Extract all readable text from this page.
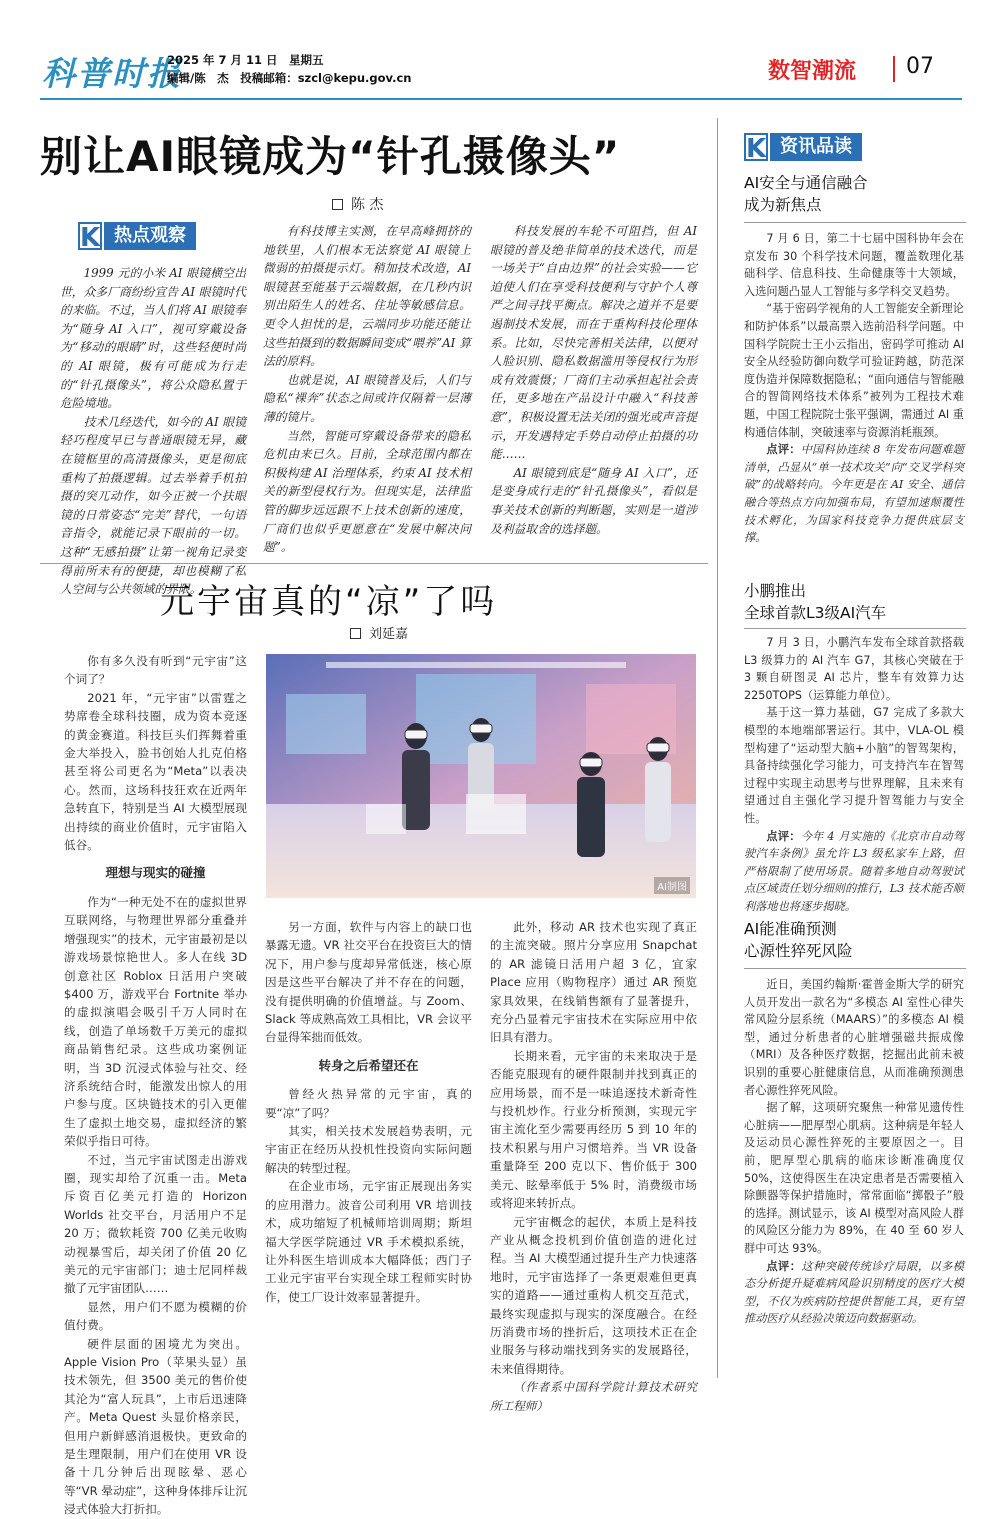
科普时报
2025 年 7 月 11 日　星期五
编辑/陈　杰　投稿邮箱：szcl@kepu.gov.cn	数智潮流 07
别让AI眼镜成为“针孔摄像头”
陈 杰
K 热点观察

1999 元的小米 AI 眼镜横空出世，众多厂商纷纷宣告 AI 眼镜时代的来临。不过，当人们将 AI 眼镜奉为“随身 AI 入口”，视可穿戴设备为“移动的眼睛”时，这些轻便时尚的 AI 眼镜，极有可能成为行走的“针孔摄像头”，将公众隐私置于危险境地。

技术几经迭代，如今的 AI 眼镜轻巧程度早已与普通眼镜无异，藏在镜框里的高清摄像头，更是彻底重构了拍摄逻辑。过去举着手机拍摄的突兀动作，如今正被一个扶眼镜的日常姿态“完美”替代，一句语音指令，就能记录下眼前的一切。这种“无感拍摄”让第一视角记录变得前所未有的便捷，却也模糊了私人空间与公共领域的界限。

有科技博主实测，在早高峰拥挤的地铁里，人们根本无法察觉 AI 眼镜上微弱的拍摄提示灯。稍加技术改造，AI 眼镜甚至能基于云端数据，在几秒内识别出陌生人的姓名、住址等敏感信息。更令人担忧的是，云端同步功能还能让这些拍摄到的数据瞬间变成“喂养”AI 算法的原料。

也就是说，AI 眼镜普及后，人们与隐私“裸奔”状态之间或许仅隔着一层薄薄的镜片。

当然，智能可穿戴设备带来的隐私危机由来已久。目前，全球范围内都在积极构建 AI 治理体系，约束 AI 技术相关的新型侵权行为。但现实是，法律监管的脚步远远跟不上技术创新的速度，厂商们也似乎更愿意在“发展中解决问题”。

科技发展的车轮不可阻挡，但 AI 眼镜的普及绝非简单的技术迭代，而是一场关于“自由边界”的社会实验——它迫使人们在享受科技便利与守护个人尊严之间寻找平衡点。解决之道并不是要遏制技术发展，而在于重构科技伦理体系。比如，尽快完善相关法律，以便对人脸识别、隐私数据滥用等侵权行为形成有效震慑；厂商们主动承担起社会责任，更多地在产品设计中融入“科技善意”，积极设置无法关闭的强光或声音提示，开发遇特定手势自动停止拍摄的功能……

AI 眼镜到底是“随身 AI 入口”，还是变身成行走的“针孔摄像头”，看似是事关技术创新的判断题，实则是一道涉及利益取舍的选择题。

元宇宙真的“凉”了吗
刘延嘉
AI制图

你有多久没有听到“元宇宙”这个词了？

2021 年，“元宇宙”以雷霆之势席卷全球科技圈，成为资本竞逐的黄金赛道。科技巨头们挥舞着重金大举投入，脸书创始人扎克伯格甚至将公司更名为“Meta”以表决心。然而，这场科技狂欢在近两年急转直下，特别是当 AI 大模型展现出持续的商业价值时，元宇宙陷入低谷。

理想与现实的碰撞

作为“一种无处不在的虚拟世界互联网络，与物理世界部分重叠并增强现实”的技术，元宇宙最初是以游戏场景惊艳世人。多人在线 3D 创意社区 Roblox 日活用户突破 $400 万，游戏平台 Fortnite 举办的虚拟演唱会吸引千万人同时在线，创造了单场数千万美元的虚拟商品销售纪录。这些成功案例证明，当 3D 沉浸式体验与社交、经济系统结合时，能激发出惊人的用户参与度。区块链技术的引入更催生了虚拟土地交易，虚拟经济的繁荣似乎指日可待。

不过，当元宇宙试图走出游戏圈，现实却给了沉重一击。Meta 斥资百亿美元打造的 Horizon Worlds 社交平台，月活用户不足 20 万；微软耗资 700 亿美元收购动视暴雪后，却关闭了价值 20 亿美元的元宇宙部门；迪士尼同样裁撤了元宇宙团队……

显然，用户们不愿为模糊的价值付费。

硬件层面的困境尤为突出。Apple Vision Pro（苹果头显）虽技术领先，但 3500 美元的售价使其沦为“富人玩具”，上市后迅速降产。Meta Quest 头显价格亲民，但用户新鲜感消退极快。更致命的是生理限制，用户们在使用 VR 设备十几分钟后出现眩晕、恶心等“VR 晕动症”，这种身体排斥让沉浸式体验大打折扣。

另一方面，软件与内容上的缺口也暴露无遗。VR 社交平台在投资巨大的情况下，用户参与度却异常低迷，核心原因是这些平台解决了并不存在的问题，没有提供明确的价值增益。与 Zoom、Slack 等成熟高效工具相比，VR 会议平台显得笨拙而低效。

转身之后希望还在

曾经火热异常的元宇宙，真的要“凉”了吗？

其实，相关技术发展趋势表明，元宇宙正在经历从投机性投资向实际问题解决的转型过程。

在企业市场，元宇宙正展现出务实的应用潜力。波音公司利用 VR 培训技术，成功缩短了机械师培训周期；斯坦福大学医学院通过 VR 手术模拟系统，让外科医生培训成本大幅降低；西门子工业元宇宙平台实现全球工程师实时协作，使工厂设计效率显著提升。

此外，移动 AR 技术也实现了真正的主流突破。照片分享应用 Snapchat 的 AR 滤镜日活用户超 3 亿，宜家 Place 应用（购物程序）通过 AR 预览家具效果，在线销售额有了显著提升，充分凸显着元宇宙技术在实际应用中依旧具有潜力。

长期来看，元宇宙的未来取决于是否能克服现有的硬件限制并找到真正的应用场景，而不是一味追逐技术新奇性与投机炒作。行业分析预测，实现元宇宙主流化至少需要再经历 5 到 10 年的技术积累与用户习惯培养。当 VR 设备重量降至 200 克以下、售价低于 300 美元、眩晕率低于 5% 时，消费级市场或将迎来转折点。

元宇宙概念的起伏，本质上是科技产业从概念投机到价值创造的进化过程。当 AI 大模型通过提升生产力快速落地时，元宇宙选择了一条更艰难但更真实的道路——通过重构人机交互范式，最终实现虚拟与现实的深度融合。在经历消费市场的挫折后，这项技术正在企业服务与移动端找到务实的发展路径，未来值得期待。

（作者系中国科学院计算技术研究所工程师）

K 资讯品读
AI安全与通信融合
成为新焦点

7 月 6 日，第二十七届中国科协年会在京发布 30 个科学技术问题，覆盖数理化基础科学、信息科技、生命健康等十大领域，入选问题凸显人工智能与多学科交叉趋势。

“基于密码学视角的人工智能安全新理论和防护体系”以最高票入选前沿科学问题。中国科学院院士王小云指出，密码学可推动 AI 安全从经验防御向数学可验证跨越，防范深度伪造并保障数据隐私；“面向通信与智能融合的智简网络技术体系”被列为工程技术难题，中国工程院院士张平强调，需通过 AI 重构通信体制，突破速率与资源消耗瓶颈。

点评：中国科协连续 8 年发布问题难题清单，凸显从“单一技术攻关”向“交叉学科突破”的战略转向。今年更是在 AI 安全、通信融合等热点方向加强布局，有望加速颠覆性技术孵化，为国家科技竞争力提供底层支撑。

小鹏推出
全球首款L3级AI汽车

7 月 3 日，小鹏汽车发布全球首款搭载 L3 级算力的 AI 汽车 G7，其核心突破在于 3 颗自研图灵 AI 芯片，整车有效算力达 2250TOPS（运算能力单位）。

基于这一算力基础，G7 完成了多款大模型的本地端部署运行。其中，VLA-OL 模型构建了“运动型大脑+小脑”的智驾架构，具备持续强化学习能力，可支持汽车在智驾过程中实现主动思考与世界理解，且未来有望通过自主强化学习提升智驾能力与安全性。

点评：今年 4 月实施的《北京市自动驾驶汽车条例》虽允许 L3 级私家车上路，但严格限制了使用场景。随着多地自动驾驶试点区域责任划分细则的推行，L3 技术能否顺利落地也将逐步揭晓。

AI能准确预测
心源性猝死风险

近日，美国约翰斯·霍普金斯大学的研究人员开发出一款名为“多模态 AI 室性心律失常风险分层系统（MAARS）”的多模态 AI 模型，通过分析患者的心脏增强磁共振成像（MRI）及各种医疗数据，挖掘出此前未被识别的重要心脏健康信息，从而准确预测患者心源性猝死风险。

据了解，这项研究聚焦一种常见遗传性心脏病——肥厚型心肌病。这种病是年轻人及运动员心源性猝死的主要原因之一。目前，肥厚型心肌病的临床诊断准确度仅 50%，这使得医生在决定患者是否需要植入除颤器等保护措施时，常常面临“掷骰子”般的选择。测试显示，该 AI 模型对高风险人群的风险区分能力为 89%，在 40 至 60 岁人群中可达 93%。

点评：这种突破传统诊疗局限，以多模态分析提升疑难病风险识别精度的医疗大模型，不仅为疾病防控提供智能工具，更有望推动医疗从经验决策迈向数据驱动。
